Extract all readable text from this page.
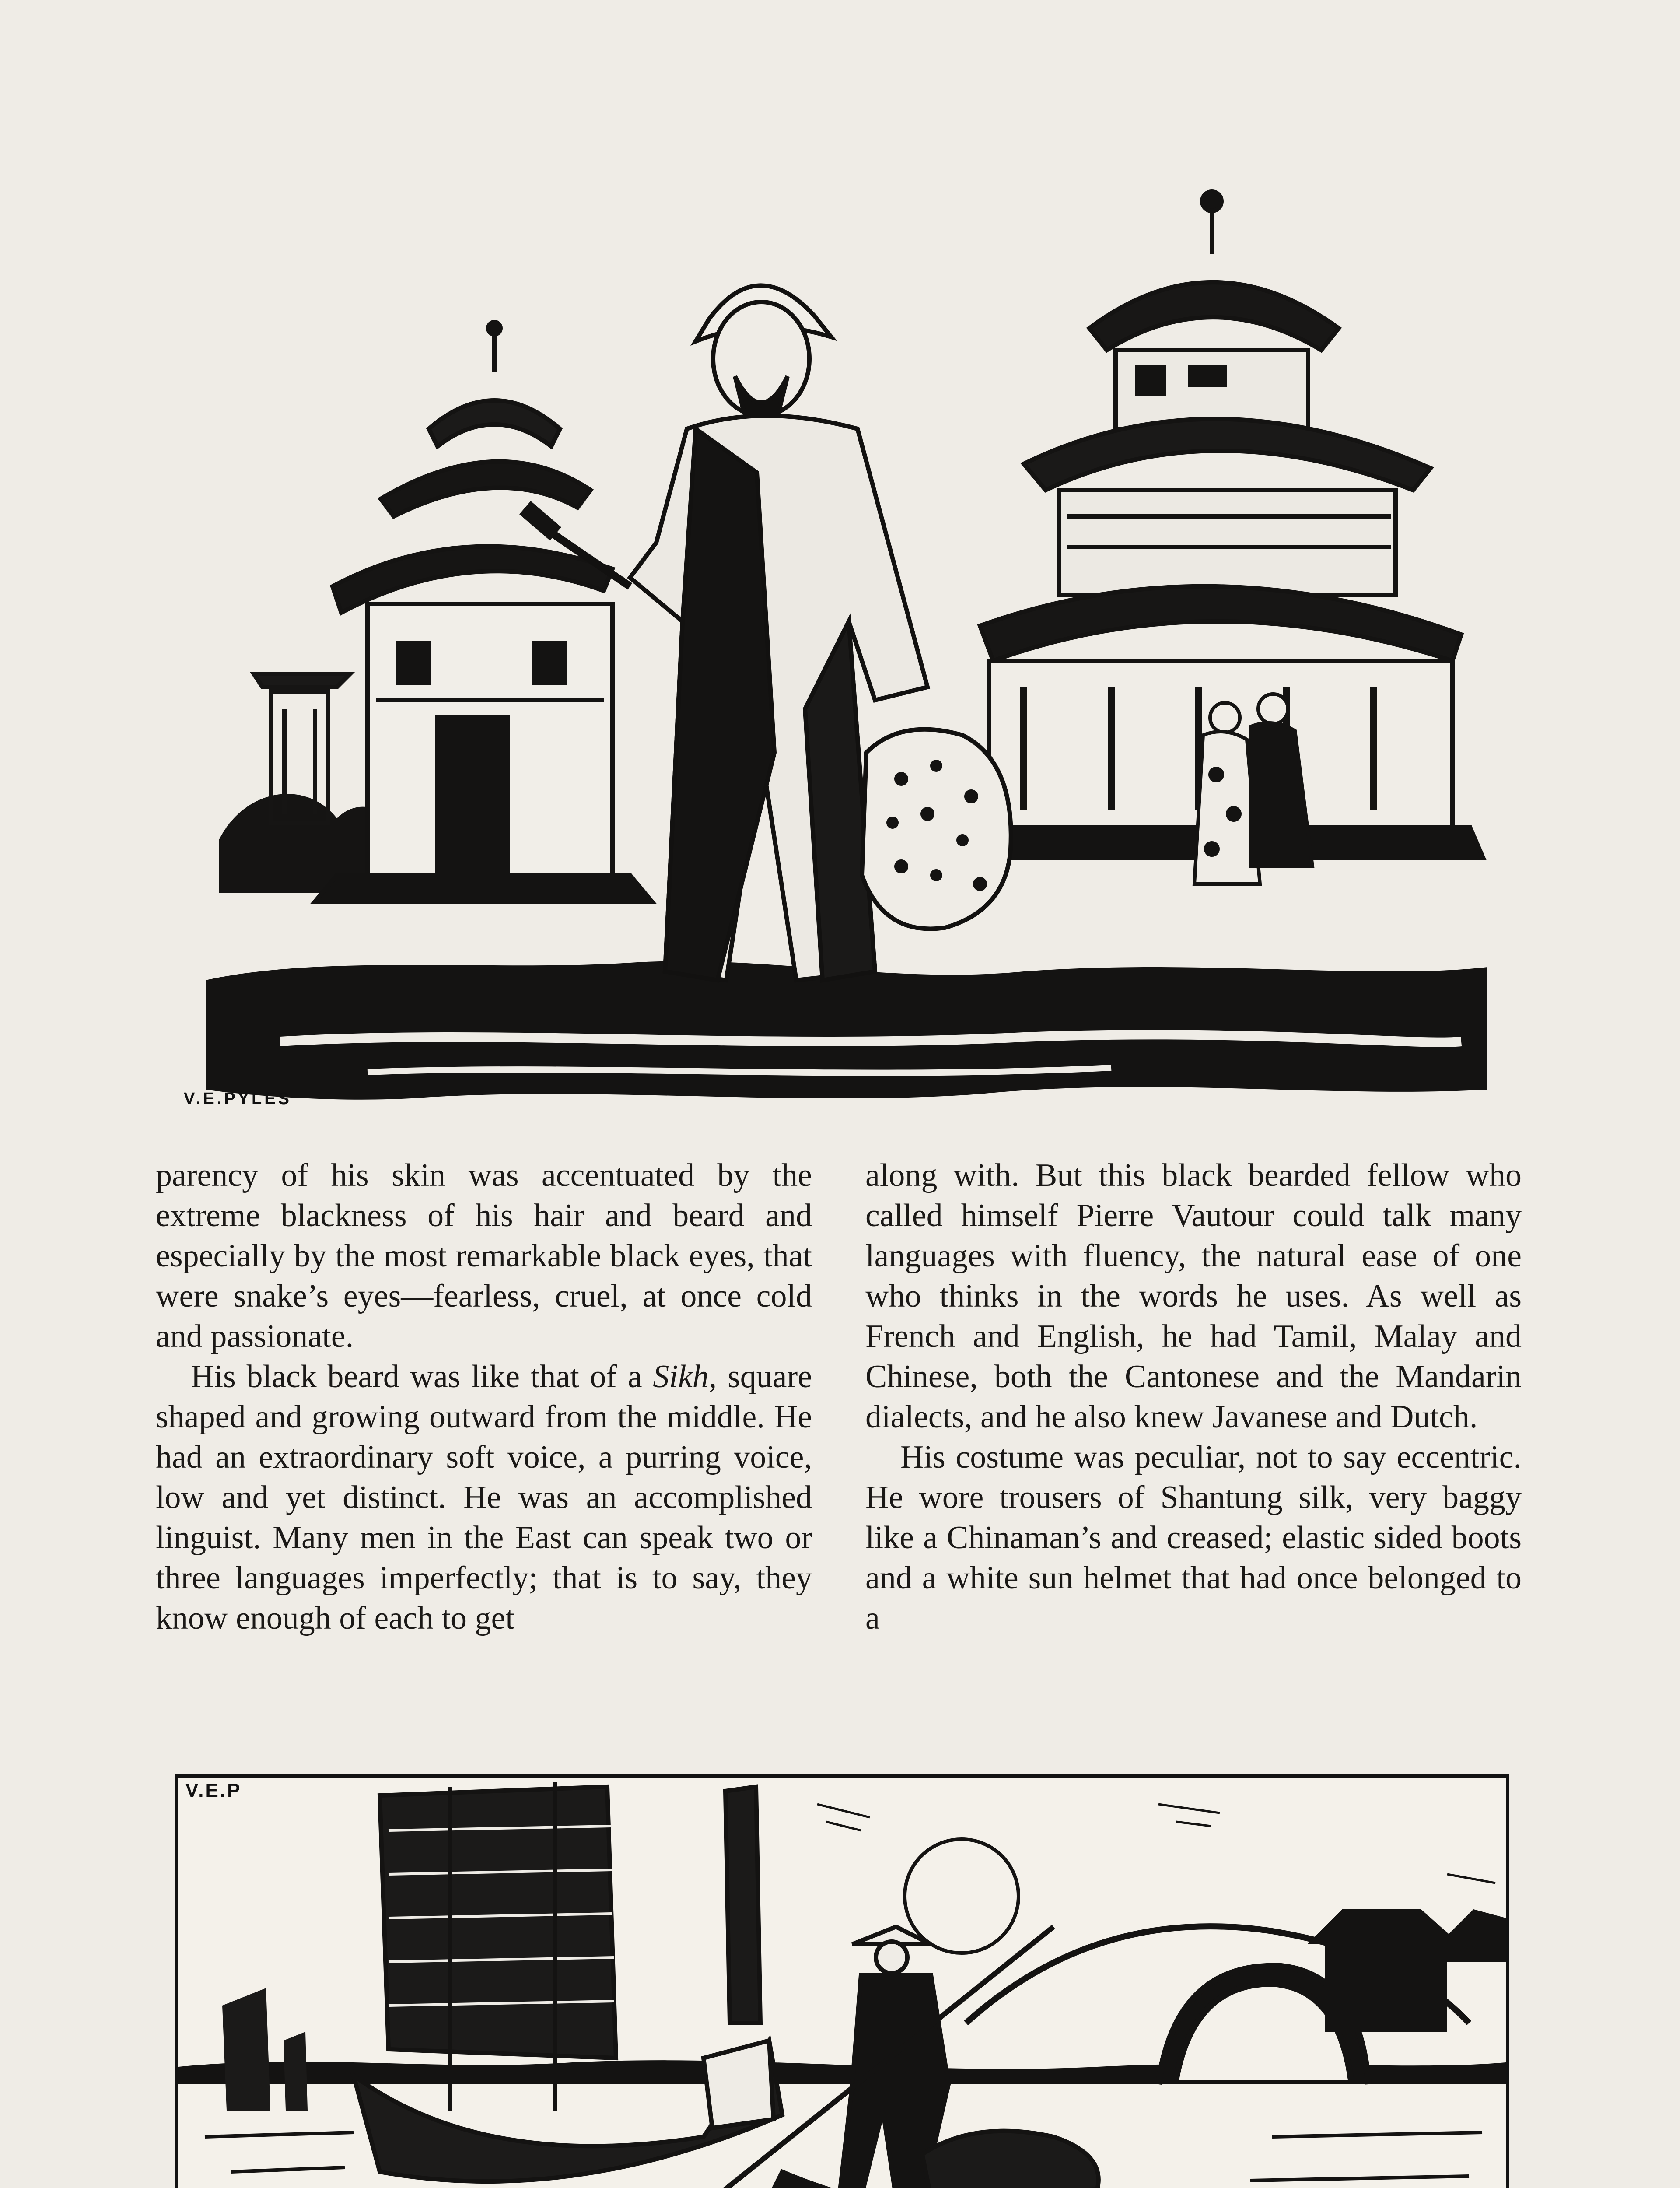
V.E.PYLES

parency of his skin was accentuated by the extreme blackness of his hair and beard and especially by the most remarkable black eyes, that were snake’s eyes—fearless, cruel, at once cold and passionate.

His black beard was like that of a Sikh, square shaped and growing outward from the middle. He had an extraordinary soft voice, a purring voice, low and yet distinct. He was an accomplished linguist. Many men in the East can speak two or three languages imperfectly; that is to say, they know enough of each to get

along with. But this black bearded fellow who called himself Pierre Vautour could talk many languages with fluency, the natural ease of one who thinks in the words he uses. As well as French and English, he had Tamil, Malay and Chinese, both the Cantonese and the Mandarin dialects, and he also knew Javanese and Dutch.

His costume was peculiar, not to say eccentric. He wore trousers of Shantung silk, very baggy like a Chinaman’s and creased; elastic sided boots and a white sun helmet that had once belonged to a

V.E.P
